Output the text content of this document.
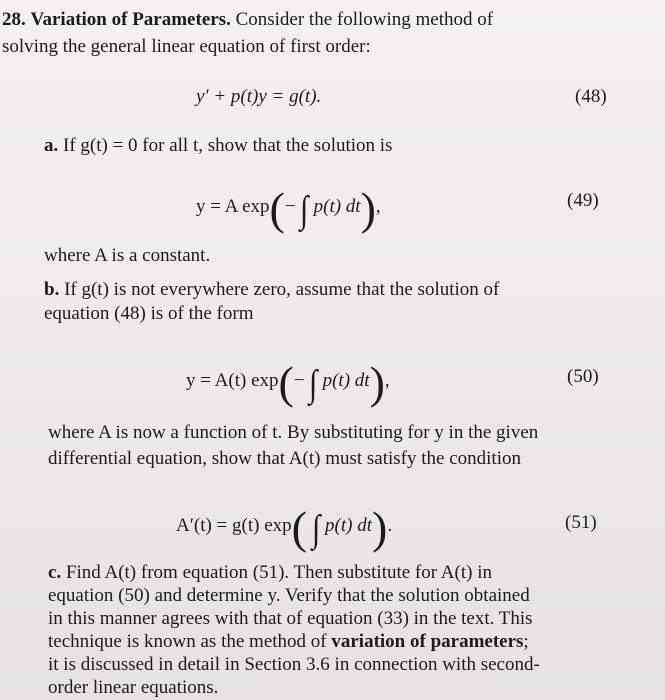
28. Variation of Parameters. Consider the following method of
solving the general linear equation of first order:
y′ + p(t)y = g(t).	(48)
a. If g(t) = 0 for all t, show that the solution is
y = A exp(−  ∫  p(t) dt),	(49)
where A is a constant.
b. If g(t) is not everywhere zero, assume that the solution of
equation (48) is of the form
y = A(t) exp(−  ∫  p(t) dt),	(50)
where A is now a function of t. By substituting for y in the given
differential equation, show that A(t) must satisfy the condition
A′(t) = g(t) exp(  ∫  p(t) dt).	(51)
c. Find A(t) from equation (51). Then substitute for A(t) in
equation (50) and determine y. Verify that the solution obtained
in this manner agrees with that of equation (33) in the text. This
technique is known as the method of variation of parameters;
it is discussed in detail in Section 3.6 in connection with second-
order linear equations.
